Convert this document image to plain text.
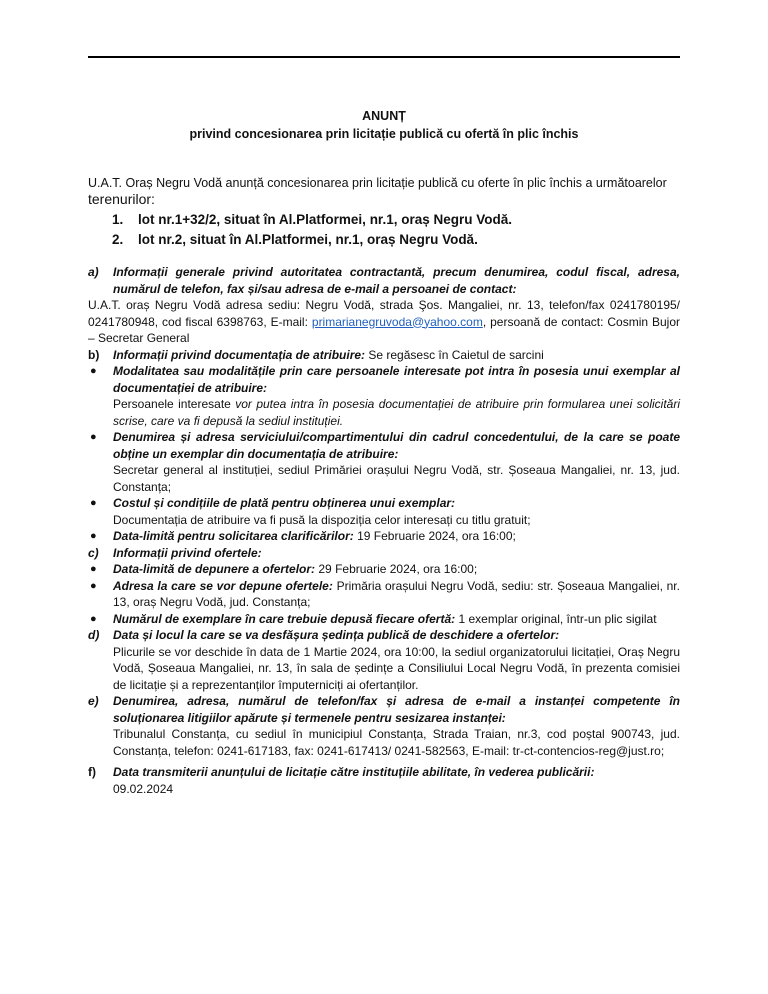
ANUNȚ
privind concesionarea prin licitație publică cu ofertă în plic închis
U.A.T. Oraș Negru Vodă anunță concesionarea prin licitație publică cu oferte în plic închis a următoarelor
terenurilor:
1.	lot nr.1+32/2, situat în Al.Platformei, nr.1, oraș Negru Vodă.
2.	lot nr.2, situat în Al.Platformei, nr.1, oraș Negru Vodă.
a) Informații generale privind autoritatea contractantă, precum denumirea, codul fiscal, adresa, numărul de telefon, fax și/sau adresa de e-mail a persoanei de contact:
U.A.T. oraș Negru Vodă adresa sediu: Negru Vodă, strada Şos. Mangaliei, nr. 13, telefon/fax 0241780195/ 0241780948, cod fiscal 6398763, E-mail: primarianegruvoda@yahoo.com, persoană de contact: Cosmin Bujor – Secretar General
b) Informații privind documentația de atribuire: Se regăsesc în Caietul de sarcini
● Modalitatea sau modalitățile prin care persoanele interesate pot intra în posesia unui exemplar al documentației de atribuire:
Persoanele interesate vor putea intra în posesia documentației de atribuire prin formularea unei solicitări scrise, care va fi depusă la sediul instituției.
● Denumirea și adresa serviciului/compartimentului din cadrul concedentului, de la care se poate obține un exemplar din documentația de atribuire:
Secretar general al instituției, sediul Primăriei orașului Negru Vodă, str. Șoseaua Mangaliei, nr. 13, jud. Constanța;
● Costul și condițiile de plată pentru obținerea unui exemplar:
Documentația de atribuire va fi pusă la dispoziția celor interesați cu titlu gratuit;
● Data-limită pentru solicitarea clarificărilor: 19 Februarie 2024, ora 16:00;
c) Informații privind ofertele:
● Data-limită de depunere a ofertelor: 29 Februarie 2024, ora 16:00;
● Adresa la care se vor depune ofertele: Primăria orașului Negru Vodă, sediu: str. Șoseaua Mangaliei, nr. 13, oraș Negru Vodă, jud. Constanța;
● Numărul de exemplare în care trebuie depusă fiecare ofertă: 1 exemplar original, într-un plic sigilat
d) Data și locul la care se va desfășura ședința publică de deschidere a ofertelor:
Plicurile se vor deschide în data de 1 Martie 2024, ora 10:00, la sediul organizatorului licitației, Oraș Negru Vodă, Șoseaua Mangaliei, nr. 13, în sala de ședințe a Consiliului Local Negru Vodă, în prezenta comisiei de licitație și a reprezentanților împuterniciți ai ofertanților.
e) Denumirea, adresa, numărul de telefon/fax și adresa de e-mail a instanței competente în soluționarea litigiilor apărute și termenele pentru sesizarea instanței:
Tribunalul Constanța, cu sediul în municipiul Constanța, Strada Traian, nr.3, cod poștal 900743, jud. Constanța, telefon: 0241-617183, fax: 0241-617413/ 0241-582563, E-mail: tr-ct-contencios-reg@just.ro;
f) Data transmiterii anunțului de licitație către instituțiile abilitate, în vederea publicării:
09.02.2024
